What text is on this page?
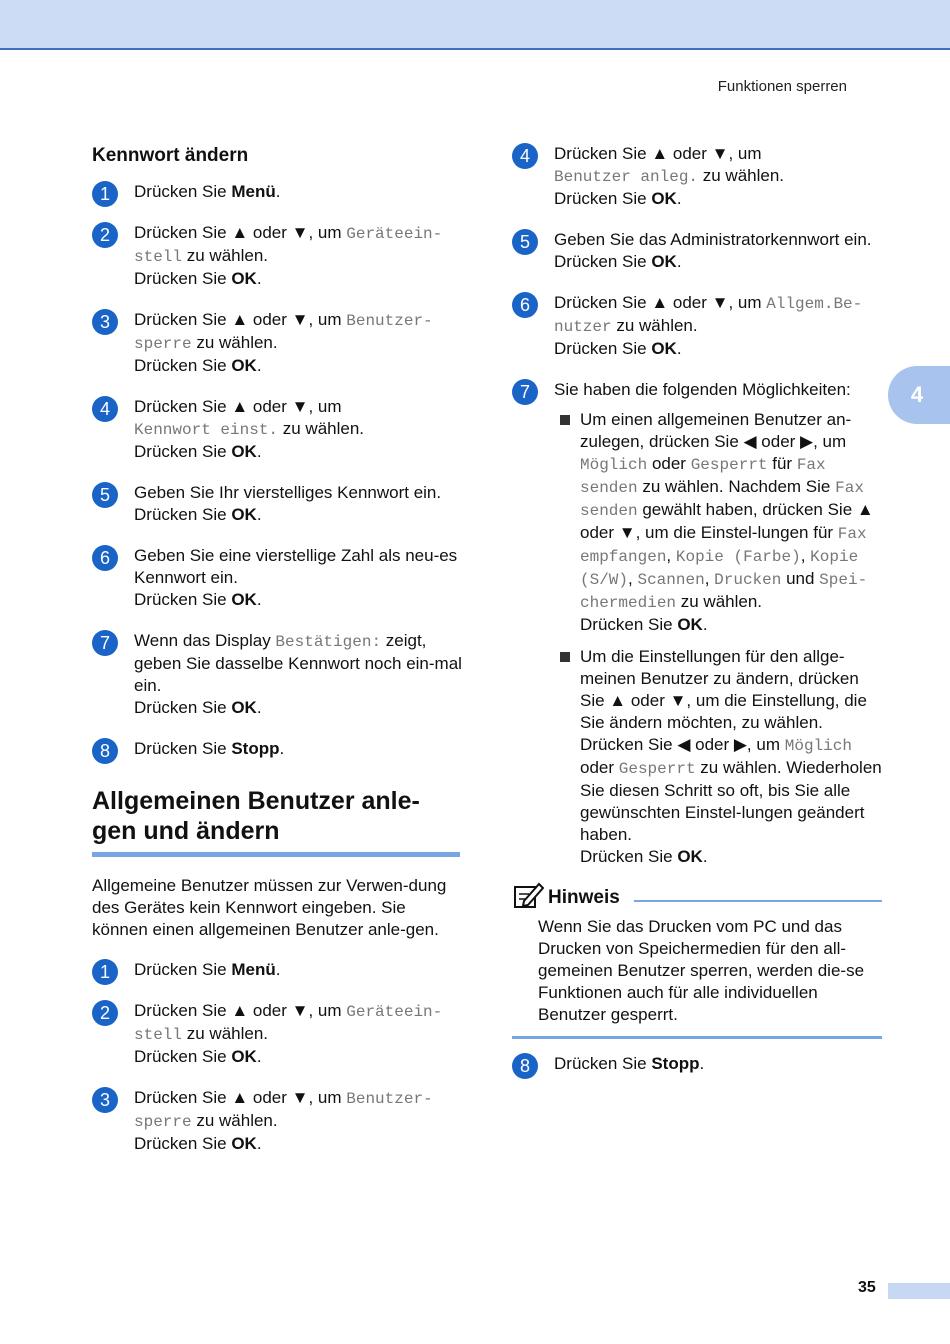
Funktionen sperren
4
Kennwort ändern
1	Drücken Sie Menü.
2	Drücken Sie ▲ oder ▼, um Geräteein-stell zu wählen.
Drücken Sie OK.
3	Drücken Sie ▲ oder ▼, um Benutzer-sperre zu wählen.
Drücken Sie OK.
4	Drücken Sie ▲ oder ▼, um
Kennwort einst. zu wählen.
Drücken Sie OK.
5	Geben Sie Ihr vierstelliges Kennwort ein.
Drücken Sie OK.
6	Geben Sie eine vierstellige Zahl als neu-es Kennwort ein.
Drücken Sie OK.
7	Wenn das Display Bestätigen: zeigt, geben Sie dasselbe Kennwort noch ein-mal ein.
Drücken Sie OK.
8	Drücken Sie Stopp.
Allgemeinen Benutzer anle-gen und ändern
Allgemeine Benutzer müssen zur Verwen-dung des Gerätes kein Kennwort eingeben. Sie können einen allgemeinen Benutzer anle-gen.
1	Drücken Sie Menü.
2	Drücken Sie ▲ oder ▼, um Geräteein-stell zu wählen.
Drücken Sie OK.
3	Drücken Sie ▲ oder ▼, um Benutzer-sperre zu wählen.
Drücken Sie OK.
4	Drücken Sie ▲ oder ▼, um
Benutzer anleg. zu wählen.
Drücken Sie OK.
5	Geben Sie das Administratorkennwort ein.
Drücken Sie OK.
6	Drücken Sie ▲ oder ▼, um Allgem.Be-nutzer zu wählen.
Drücken Sie OK.
7	Sie haben die folgenden Möglichkeiten:
Um einen allgemeinen Benutzer an-zulegen, drücken Sie ◀ oder ▶, um Möglich oder Gesperrt für Fax senden zu wählen. Nachdem Sie Fax senden gewählt haben, drücken Sie ▲ oder ▼, um die Einstel-lungen für Fax empfangen, Kopie (Farbe), Kopie (S/W), Scannen, Drucken und Spei-chermedien zu wählen.
Drücken Sie OK.
Um die Einstellungen für den allge-meinen Benutzer zu ändern, drücken Sie ▲ oder ▼, um die Einstellung, die Sie ändern möchten, zu wählen.
Drücken Sie ◀ oder ▶, um Möglich oder Gesperrt zu wählen. Wiederholen Sie diesen Schritt so oft, bis Sie alle gewünschten Einstel-lungen geändert haben.
Drücken Sie OK.
Hinweis
Wenn Sie das Drucken vom PC und das Drucken von Speichermedien für den all-gemeinen Benutzer sperren, werden die-se Funktionen auch für alle individuellen Benutzer gesperrt.
8	Drücken Sie Stopp.
35
